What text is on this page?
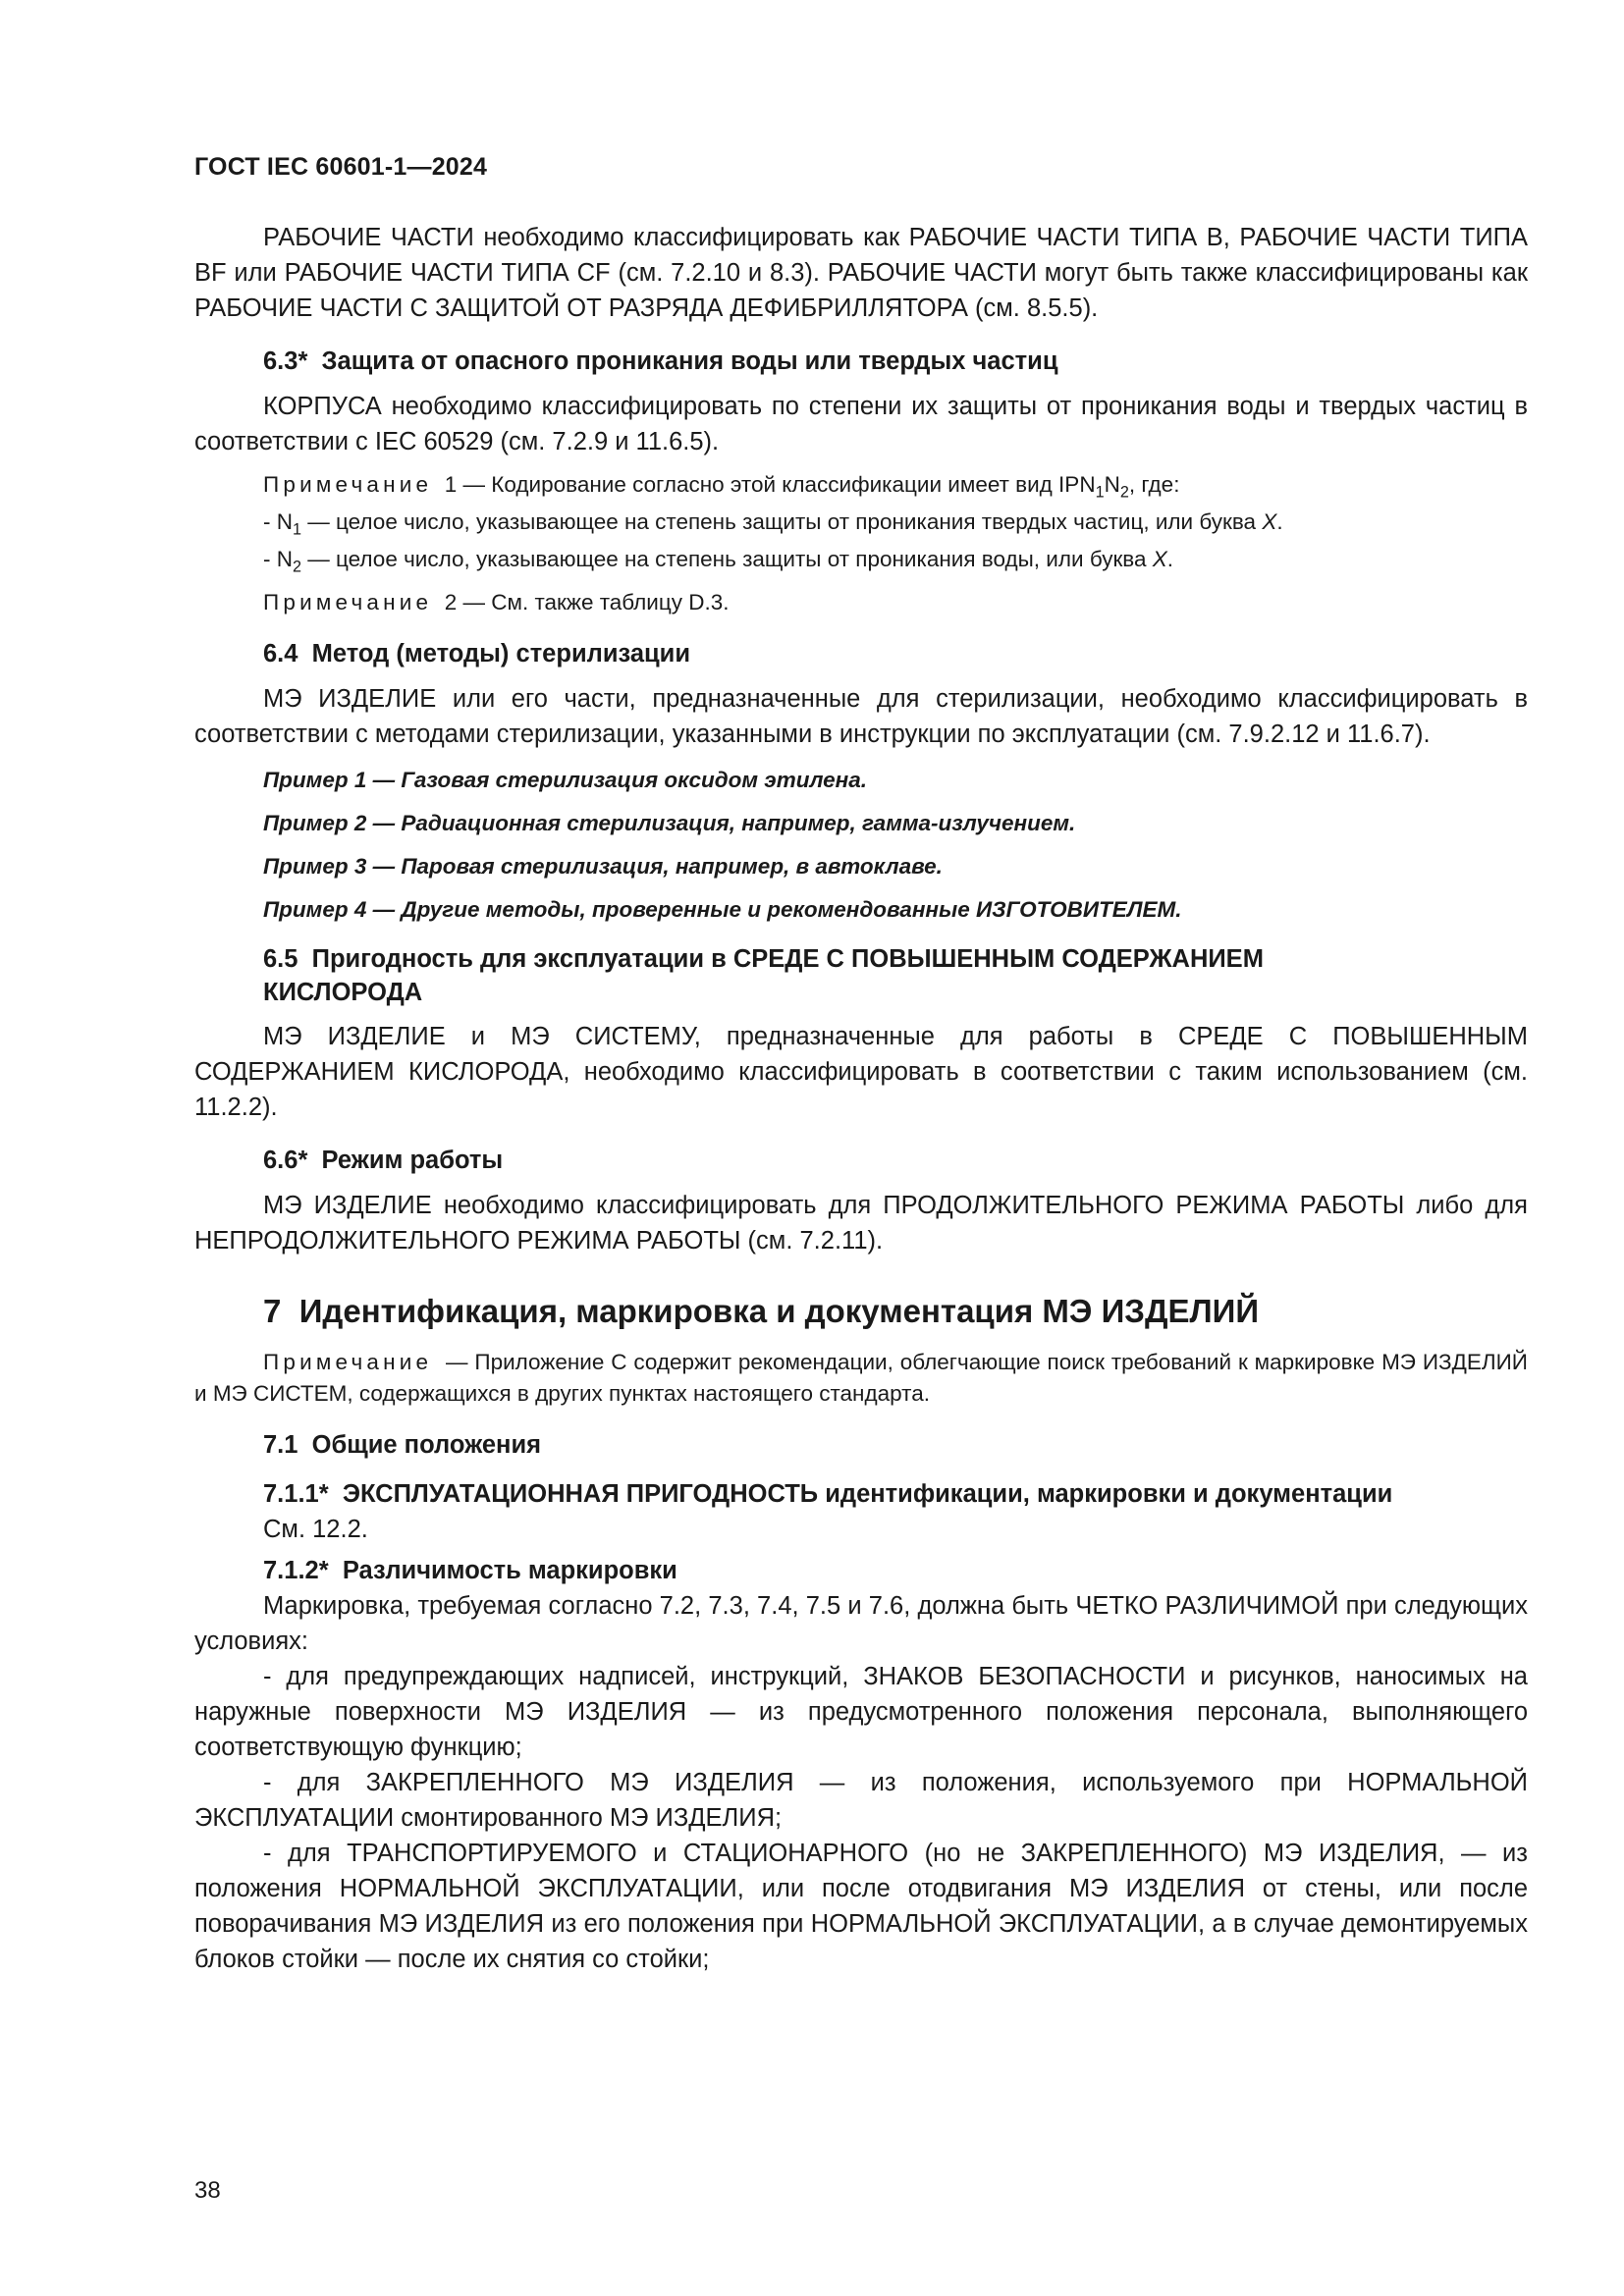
ГОСТ IEC 60601-1—2024

РАБОЧИЕ ЧАСТИ необходимо классифицировать как РАБОЧИЕ ЧАСТИ ТИПА B, РАБОЧИЕ ЧАСТИ ТИПА BF или РАБОЧИЕ ЧАСТИ ТИПА CF (см. 7.2.10 и 8.3). РАБОЧИЕ ЧАСТИ могут быть также классифицированы как РАБОЧИЕ ЧАСТИ С ЗАЩИТОЙ ОТ РАЗРЯДА ДЕФИБРИЛЛЯТОРА (см. 8.5.5).

6.3* Защита от опасного проникания воды или твердых частиц

КОРПУСА необходимо классифицировать по степени их защиты от проникания воды и твердых частиц в соответствии с IEC 60529 (см. 7.2.9 и 11.6.5).

Примечание 1 — Кодирование согласно этой классификации имеет вид $IPN_1N_2$, где:

- $N_1$ — целое число, указывающее на степень защиты от проникания твердых частиц, или буква X.

- $N_2$ — целое число, указывающее на степень защиты от проникания воды, или буква X.

Примечание 2 — См. также таблицу D.3.

6.4 Метод (методы) стерилизации

МЭ ИЗДЕЛИЕ или его части, предназначенные для стерилизации, необходимо классифицировать в соответствии с методами стерилизации, указанными в инструкции по эксплуатации (см. 7.9.2.12 и 11.6.7).

Пример 1 — Газовая стерилизация оксидом этилена.

Пример 2 — Радиационная стерилизация, например, гамма-излучением.

Пример 3 — Паровая стерилизация, например, в автоклаве.

Пример 4 — Другие методы, проверенные и рекомендованные ИЗГОТОВИТЕЛЕМ.

6.5 Пригодность для эксплуатации в СРЕДЕ С ПОВЫШЕННЫМ СОДЕРЖАНИЕМ
КИСЛОРОДА

МЭ ИЗДЕЛИЕ и МЭ СИСТЕМУ, предназначенные для работы в СРЕДЕ С ПОВЫШЕННЫМ СОДЕРЖАНИЕМ КИСЛОРОДА, необходимо классифицировать в соответствии с таким использованием (см. 11.2.2).

6.6* Режим работы

МЭ ИЗДЕЛИЕ необходимо классифицировать для ПРОДОЛЖИТЕЛЬНОГО РЕЖИМА РАБОТЫ либо для НЕПРОДОЛЖИТЕЛЬНОГО РЕЖИМА РАБОТЫ (см. 7.2.11).

7 Идентификация, маркировка и документация МЭ ИЗДЕЛИЙ

Примечание — Приложение C содержит рекомендации, облегчающие поиск требований к маркировке МЭ ИЗДЕЛИЙ и МЭ СИСТЕМ, содержащихся в других пунктах настоящего стандарта.

7.1 Общие положения
7.1.1* ЭКСПЛУАТАЦИОННАЯ ПРИГОДНОСТЬ идентификации, маркировки и документации

См. 12.2.

7.1.2* Различимость маркировки

Маркировка, требуемая согласно 7.2, 7.3, 7.4, 7.5 и 7.6, должна быть ЧЕТКО РАЗЛИЧИМОЙ при следующих условиях:

- для предупреждающих надписей, инструкций, ЗНАКОВ БЕЗОПАСНОСТИ и рисунков, наносимых на наружные поверхности МЭ ИЗДЕЛИЯ — из предусмотренного положения персонала, выполняющего соответствующую функцию;

- для ЗАКРЕПЛЕННОГО МЭ ИЗДЕЛИЯ — из положения, используемого при НОРМАЛЬНОЙ ЭКСПЛУАТАЦИИ смонтированного МЭ ИЗДЕЛИЯ;

- для ТРАНСПОРТИРУЕМОГО и СТАЦИОНАРНОГО (но не ЗАКРЕПЛЕННОГО) МЭ ИЗДЕЛИЯ, — из положения НОРМАЛЬНОЙ ЭКСПЛУАТАЦИИ, или после отодвигания МЭ ИЗДЕЛИЯ от стены, или после поворачивания МЭ ИЗДЕЛИЯ из его положения при НОРМАЛЬНОЙ ЭКСПЛУАТАЦИИ, а в случае демонтируемых блоков стойки — после их снятия со стойки;

38
